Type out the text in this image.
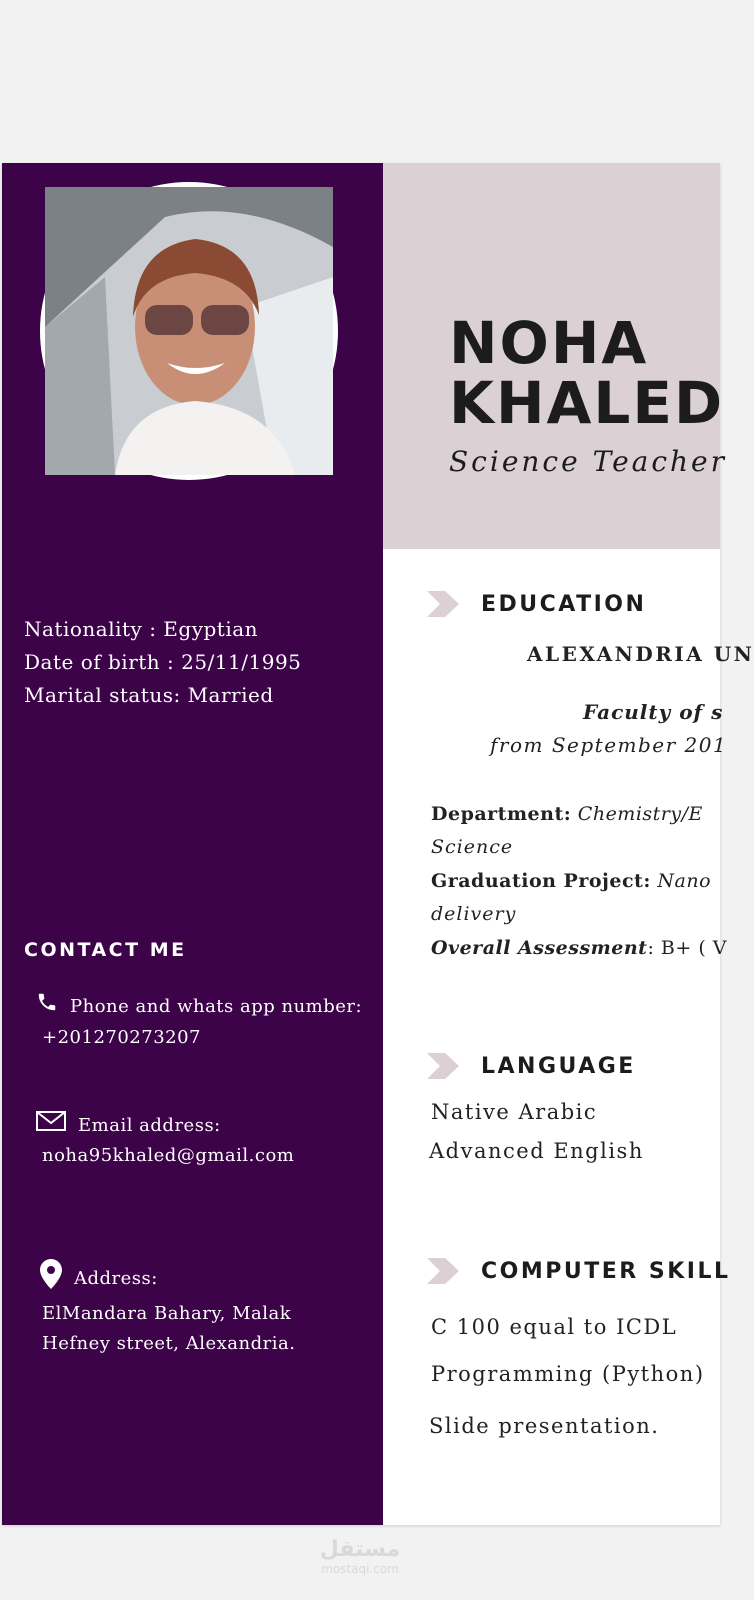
Nationality : Egyptian
Date of birth : 25/11/1995
Marital status: Married
CONTACT ME
Phone and whats app number:
+201270273207
Email address:
noha95khaled@gmail.com
Address:
ElMandara Bahary, Malak
Hefney street, Alexandria.
NOHA
KHALED
Science Teacher
EDUCATION
ALEXANDRIA UN
Faculty of s
from September 201
Department: Chemistry/E
Science
Graduation Project: Nano
delivery
Overall Assessment: B+ ( V
LANGUAGE
Native Arabic
Advanced English
COMPUTER SKILL
C 100 equal to ICDL
Programming (Python)
Slide presentation.
مستقل
mostaqi.com
